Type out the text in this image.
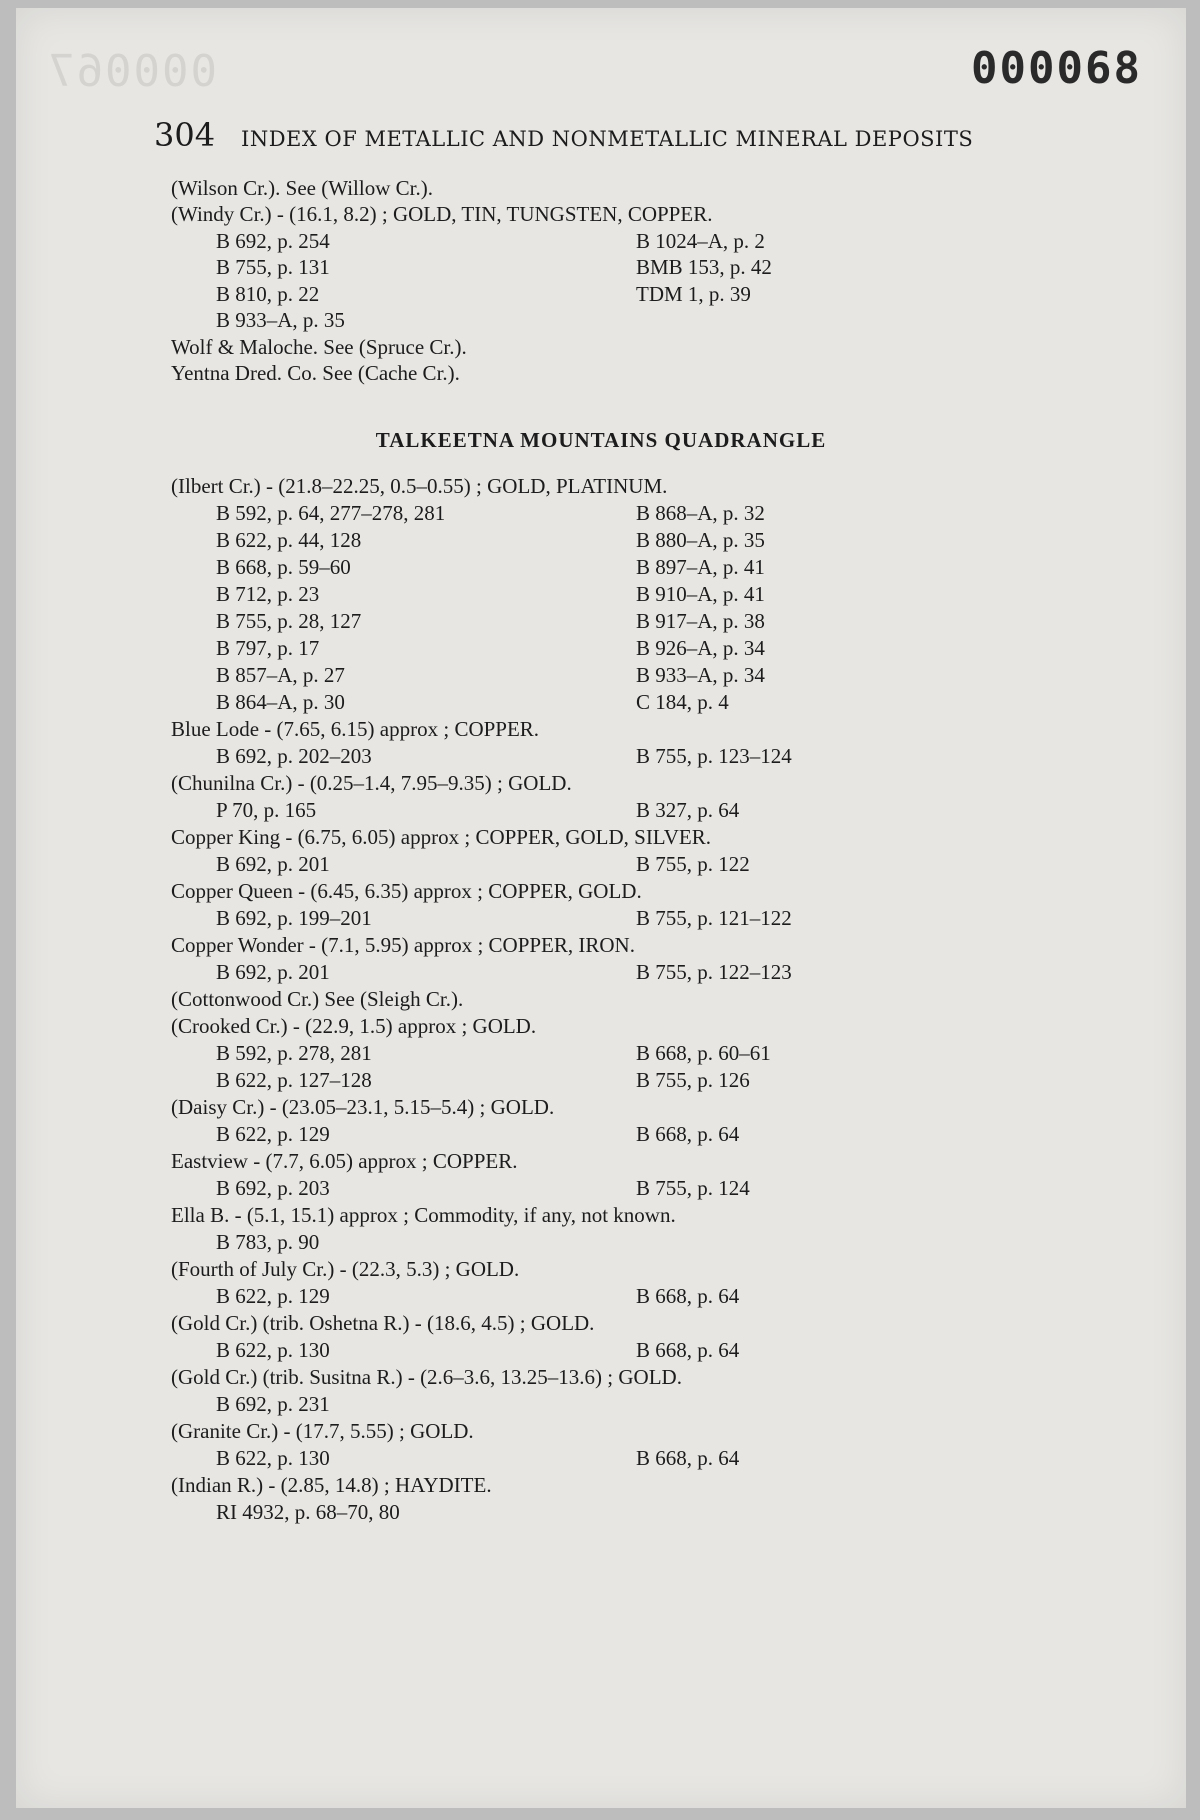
000067	000068
304 INDEX OF METALLIC AND NONMETALLIC MINERAL DEPOSITS
TALKEETNA MOUNTAINS QUADRANGLE
(Wilson Cr.). See (Willow Cr.).
(Windy Cr.) - (16.1, 8.2) ; GOLD, TIN, TUNGSTEN, COPPER.
B 692, p. 254	B 1024–A, p. 2
B 755, p. 131	BMB 153, p. 42
B 810, p. 22	TDM 1, p. 39
B 933–A, p. 35
Wolf & Maloche. See (Spruce Cr.).
Yentna Dred. Co. See (Cache Cr.).
(Ilbert Cr.) - (21.8–22.25, 0.5–0.55) ; GOLD, PLATINUM.
B 592, p. 64, 277–278, 281	B 868–A, p. 32
B 622, p. 44, 128	B 880–A, p. 35
B 668, p. 59–60	B 897–A, p. 41
B 712, p. 23	B 910–A, p. 41
B 755, p. 28, 127	B 917–A, p. 38
B 797, p. 17	B 926–A, p. 34
B 857–A, p. 27	B 933–A, p. 34
B 864–A, p. 30	C 184, p. 4
Blue Lode - (7.65, 6.15) approx ; COPPER.
B 692, p. 202–203	B 755, p. 123–124
(Chunilna Cr.) - (0.25–1.4, 7.95–9.35) ; GOLD.
P 70, p. 165	B 327, p. 64
Copper King - (6.75, 6.05) approx ; COPPER, GOLD, SILVER.
B 692, p. 201	B 755, p. 122
Copper Queen - (6.45, 6.35) approx ; COPPER, GOLD.
B 692, p. 199–201	B 755, p. 121–122
Copper Wonder - (7.1, 5.95) approx ; COPPER, IRON.
B 692, p. 201	B 755, p. 122–123
(Cottonwood Cr.) See (Sleigh Cr.).
(Crooked Cr.) - (22.9, 1.5) approx ; GOLD.
B 592, p. 278, 281	B 668, p. 60–61
B 622, p. 127–128	B 755, p. 126
(Daisy Cr.) - (23.05–23.1, 5.15–5.4) ; GOLD.
B 622, p. 129	B 668, p. 64
Eastview - (7.7, 6.05) approx ; COPPER.
B 692, p. 203	B 755, p. 124
Ella B. - (5.1, 15.1) approx ; Commodity, if any, not known.
B 783, p. 90
(Fourth of July Cr.) - (22.3, 5.3) ; GOLD.
B 622, p. 129	B 668, p. 64
(Gold Cr.) (trib. Oshetna R.) - (18.6, 4.5) ; GOLD.
B 622, p. 130	B 668, p. 64
(Gold Cr.) (trib. Susitna R.) - (2.6–3.6, 13.25–13.6) ; GOLD.
B 692, p. 231
(Granite Cr.) - (17.7, 5.55) ; GOLD.
B 622, p. 130	B 668, p. 64
(Indian R.) - (2.85, 14.8) ; HAYDITE.
RI 4932, p. 68–70, 80
